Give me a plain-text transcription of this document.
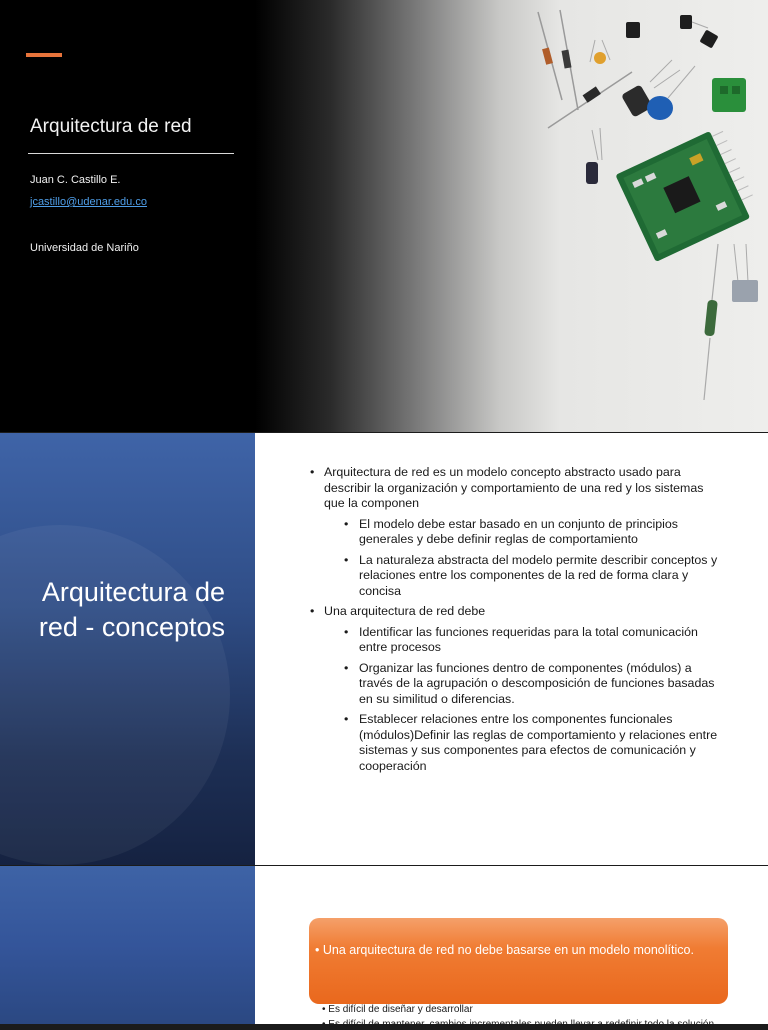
Arquitectura de red
Juan C. Castillo E.
jcastillo@udenar.edu.co
Universidad de Nariño
Arquitectura de red - conceptos
• Arquitectura de red es un modelo concepto abstracto usado para describir la organización y comportamiento de una red y los sistemas que la componen
• El modelo debe estar basado en un conjunto de principios generales y debe definir reglas de comportamiento
• La naturaleza abstracta del modelo permite describir conceptos y relaciones entre los componentes de la red de forma clara y concisa
• Una arquitectura de red debe
• Identificar las funciones requeridas para la total comunicación entre procesos
• Organizar las funciones dentro de componentes (módulos) a través de la agrupación o descomposición de funciones basadas en su similitud o diferencias.
• Establecer relaciones entre los componentes funcionales (módulos)Definir las reglas de comportamiento y relaciones entre sistemas y sus componentes para efectos de comunicación y cooperación
• Una arquitectura de red no debe basarse en un modelo monolítico.
• Es difícil de diseñar y desarrollar
• Es difícil de mantener, cambios incrementales pueden llevar a redefinir todo la solución
